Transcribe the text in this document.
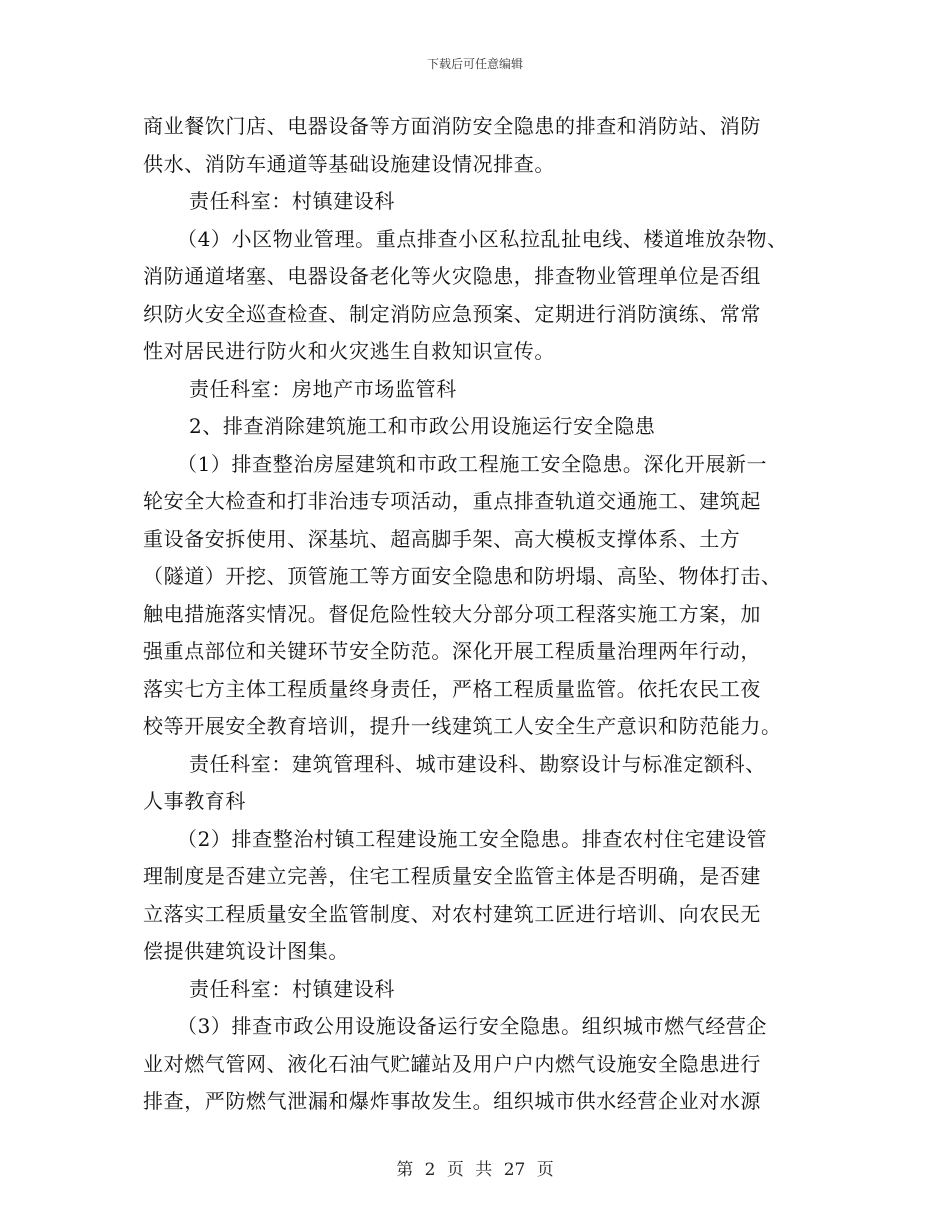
下载后可任意编辑
商业餐饮门店、电器设备等方面消防安全隐患的排查和消防站、消防
供水、消防车通道等基础设施建设情况排查。
责任科室：村镇建设科
（4）小区物业管理。重点排查小区私拉乱扯电线、楼道堆放杂物、
消防通道堵塞、电器设备老化等火灾隐患，排查物业管理单位是否组
织防火安全巡查检查、制定消防应急预案、定期进行消防演练、常常
性对居民进行防火和火灾逃生自救知识宣传。
责任科室：房地产市场监管科
2、排查消除建筑施工和市政公用设施运行安全隐患
（1）排查整治房屋建筑和市政工程施工安全隐患。深化开展新一
轮安全大检查和打非治违专项活动，重点排查轨道交通施工、建筑起
重设备安拆使用、深基坑、超高脚手架、高大模板支撑体系、土方
（隧道）开挖、顶管施工等方面安全隐患和防坍塌、高坠、物体打击、
触电措施落实情况。督促危险性较大分部分项工程落实施工方案，加
强重点部位和关键环节安全防范。深化开展工程质量治理两年行动，
落实七方主体工程质量终身责任，严格工程质量监管。依托农民工夜
校等开展安全教育培训，提升一线建筑工人安全生产意识和防范能力。
责任科室：建筑管理科、城市建设科、勘察设计与标准定额科、
人事教育科
（2）排查整治村镇工程建设施工安全隐患。排查农村住宅建设管
理制度是否建立完善，住宅工程质量安全监管主体是否明确，是否建
立落实工程质量安全监管制度、对农村建筑工匠进行培训、向农民无
偿提供建筑设计图集。
责任科室：村镇建设科
（3）排查市政公用设施设备运行安全隐患。组织城市燃气经营企
业对燃气管网、液化石油气贮罐站及用户户内燃气设施安全隐患进行
排查，严防燃气泄漏和爆炸事故发生。组织城市供水经营企业对水源
第 2 页 共 27 页
